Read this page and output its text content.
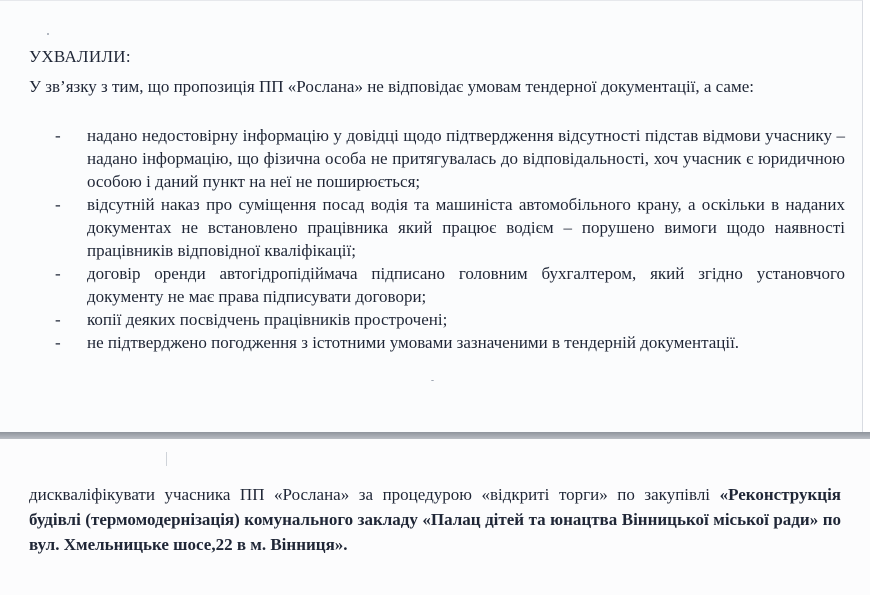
УХВАЛИЛИ:
У зв’язку з тим, що пропозиція ПП «Рослана» не відповідає умовам тендерної документації, а саме:
- надано недостовірну інформацію у довідці щодо підтвердження відсутності підстав відмови учаснику – надано інформацію, що фізична особа не притягувалась до відповідальності, хоч учасник є юридичною особою і даний пункт на неї не поширюється;
- відсутній наказ про суміщення посад водія та машиніста автомобільного крану, а оскільки в наданих документах не встановлено працівника який працює водієм – порушено вимоги щодо наявності працівників відповідної кваліфікації;
- договір оренди автогідропідіймача підписано головним бухгалтером, який згідно установчого документу не має права підписувати договори;
- копії деяких посвідчень працівників прострочені;
- не підтверджено погодження з істотними умовами зазначеними в тендерній документації.
дискваліфікувати учасника ПП «Рослана» за процедурою «відкриті торги» по закупівлі «Реконструкція будівлі (термомодернізація) комунального закладу «Палац дітей та юнацтва Вінницької міської ради» по вул. Хмельницьке шосе,22 в м. Вінниця».
